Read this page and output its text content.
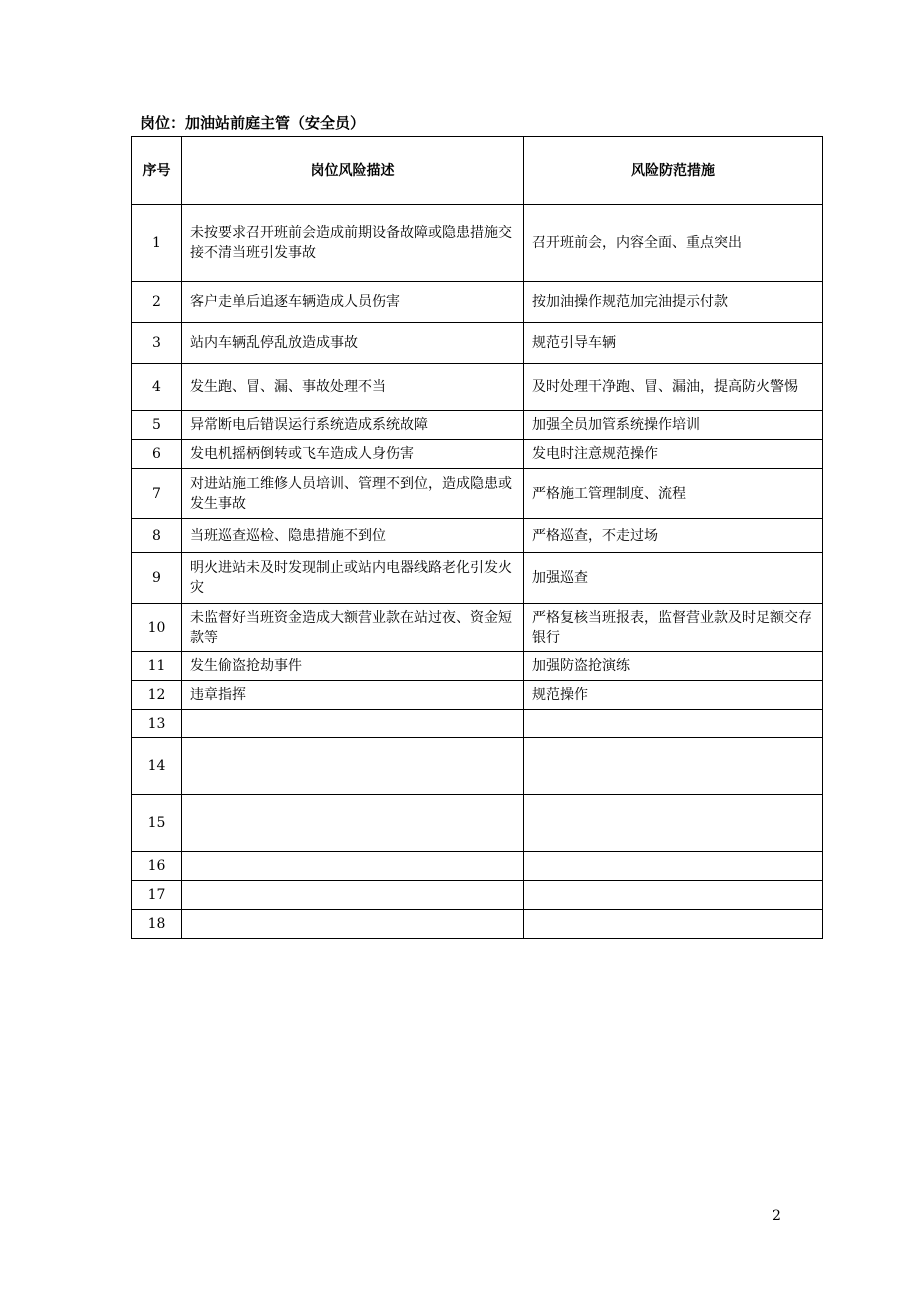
岗位：加油站前庭主管（安全员）
序号	岗位风险描述	风险防范措施
1	未按要求召开班前会造成前期设备故障或隐患措施交接不清当班引发事故	召开班前会，内容全面、重点突出
2	客户走单后追逐车辆造成人员伤害	按加油操作规范加完油提示付款
3	站内车辆乱停乱放造成事故	规范引导车辆
4	发生跑、冒、漏、事故处理不当	及时处理干净跑、冒、漏油，提高防火警惕
5	异常断电后错误运行系统造成系统故障	加强全员加管系统操作培训
6	发电机摇柄倒转或飞车造成人身伤害	发电时注意规范操作
7	对进站施工维修人员培训、管理不到位，造成隐患或发生事故	严格施工管理制度、流程
8	当班巡查巡检、隐患措施不到位	严格巡查，不走过场
9	明火进站未及时发现制止或站内电器线路老化引发火灾	加强巡查
10	未监督好当班资金造成大额营业款在站过夜、资金短款等	严格复核当班报表，监督营业款及时足额交存银行
11	发生偷盗抢劫事件	加强防盗抢演练
12	违章指挥	规范操作
13		
14		
15		
16		
17		
18		
2
